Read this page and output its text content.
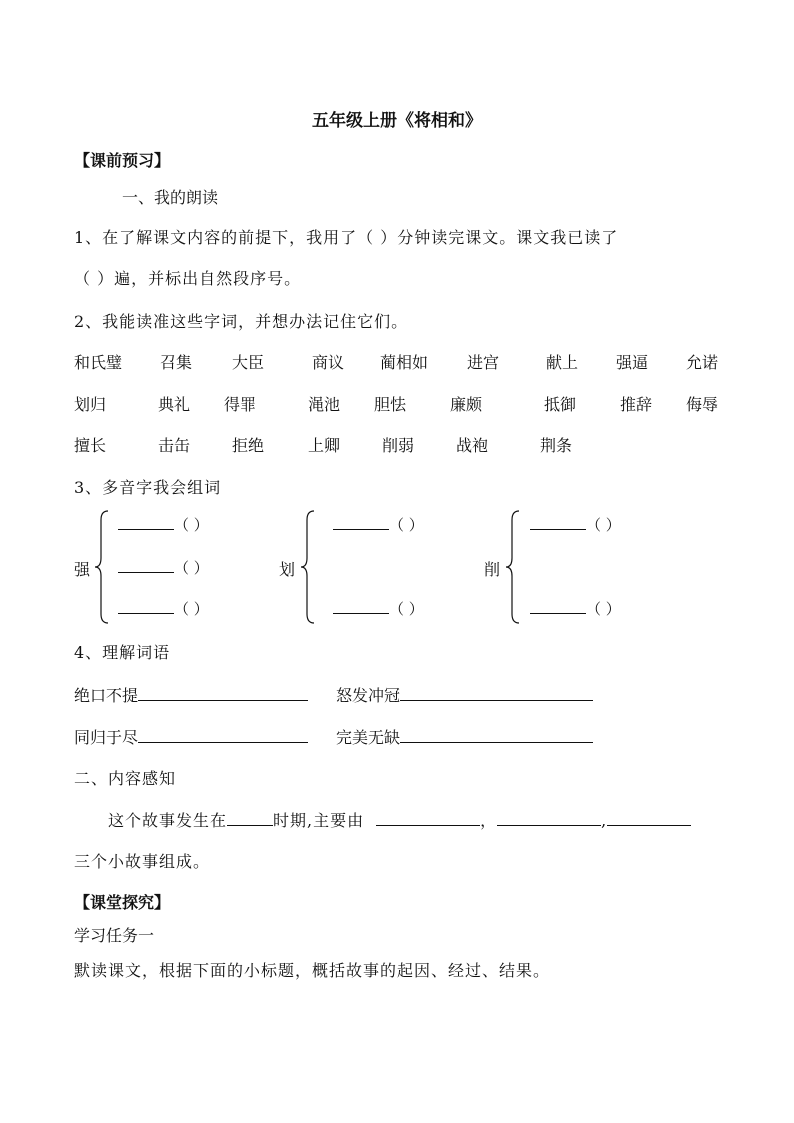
五年级上册《将相和》
【课前预习】
一、我的朗读
1、在了解课文内容的前提下，我用了（ ）分钟读完课文。课文我已读了
（ ）遍，并标出自然段序号。
2、我能读准这些字词，并想办法记住它们。
和氏璧 召集 大臣	商议 蔺相如 进宫	献上 强逼 允诺
划归	典礼 得罪	渑池 胆怯	廉颇	抵御	推辞 侮辱
擅长	击缶	拒绝	上卿	削弱	战袍	荆条
3、多音字我会组词
强
（ ）
（ ）
（ ）
划
（ ）
（ ）
削
（ ）
（ ）
4、理解词语
绝口不提	怒发冲冠
同归于尽	完美无缺
二、内容感知
这个故事发生在	时期,主要由	，	,
三个小故事组成。
【课堂探究】
学习任务一
默读课文，根据下面的小标题，概括故事的起因、经过、结果。
